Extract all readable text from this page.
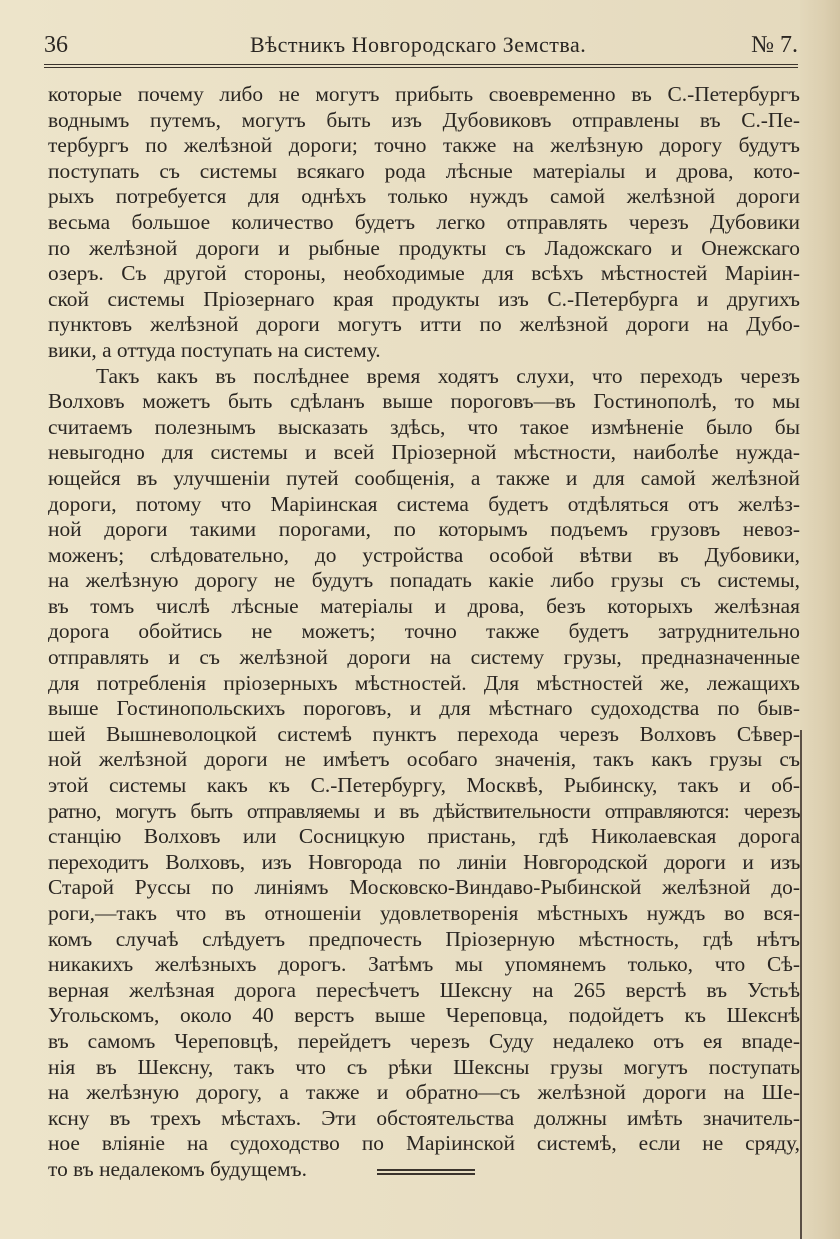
36	Вѣстникъ Новгородскаго Земства.	№ 7.
которые почему либо не могутъ прибыть своевременно въ С.-Петербургъ
воднымъ путемъ, могутъ быть изъ Дубовиковъ отправлены въ С.-Пе-
тербургъ по желѣзной дороги; точно также на желѣзную дорогу будутъ
поступать съ системы всякаго рода лѣсные матеріалы и дрова, кото-
рыхъ потребуется для однѣхъ только нуждъ самой желѣзной дороги
весьма большое количество будетъ легко отправлять черезъ Дубовики
по желѣзной дороги и рыбные продукты съ Ладожскаго и Онежскаго
озеръ. Съ другой стороны, необходимые для всѣхъ мѣстностей Маріин-
ской системы Пріозернаго края продукты изъ С.-Петербурга и другихъ
пунктовъ желѣзной дороги могутъ итти по желѣзной дороги на Дубо-
вики, а оттуда поступать на систему.
Такъ какъ въ послѣднее время ходятъ слухи, что переходъ черезъ
Волховъ можетъ быть сдѣланъ выше пороговъ—въ Гостинополѣ, то мы
считаемъ полезнымъ высказать здѣсь, что такое измѣненіе было бы
невыгодно для системы и всей Пріозерной мѣстности, наиболѣе нужда-
ющейся въ улучшеніи путей сообщенія, а также и для самой желѣзной
дороги, потому что Маріинская система будетъ отдѣляться отъ желѣз-
ной дороги такими порогами, по которымъ подъемъ грузовъ невоз-
моженъ; слѣдовательно, до устройства особой вѣтви въ Дубовики,
на желѣзную дорогу не будутъ попадать какіе либо грузы съ системы,
въ томъ числѣ лѣсные матеріалы и дрова, безъ которыхъ желѣзная
дорога обойтись не можетъ; точно также будетъ затруднительно
отправлять и съ желѣзной дороги на систему грузы, предназначенные
для потребленія пріозерныхъ мѣстностей. Для мѣстностей же, лежащихъ
выше Гостинопольскихъ пороговъ, и для мѣстнаго судоходства по быв-
шей Вышневолоцкой системѣ пунктъ перехода черезъ Волховъ Сѣвер-
ной желѣзной дороги не имѣетъ особаго значенія, такъ какъ грузы съ
этой системы какъ къ С.-Петербургу, Москвѣ, Рыбинску, такъ и об-
ратно, могутъ быть отправляемы и въ дѣйствительности отправляются: черезъ
станцію Волховъ или Сосницкую пристань, гдѣ Николаевская дорога
переходитъ Волховъ, изъ Новгорода по линіи Новгородской дороги и изъ
Старой Руссы по линіямъ Московско-Виндаво-Рыбинской желѣзной до-
роги,—такъ что въ отношеніи удовлетворенія мѣстныхъ нуждъ во вся-
комъ случаѣ слѣдуетъ предпочесть Пріозерную мѣстность, гдѣ нѣтъ
никакихъ желѣзныхъ дорогъ. Затѣмъ мы упомянемъ только, что Сѣ-
верная желѣзная дорога пересѣчетъ Шексну на 265 верстѣ въ Устьѣ
Угольскомъ, около 40 верстъ выше Череповца, подойдетъ къ Шекснѣ
въ самомъ Череповцѣ, перейдетъ черезъ Суду недалеко отъ ея впаде-
нія въ Шексну, такъ что съ рѣки Шексны грузы могутъ поступать
на желѣзную дорогу, а также и обратно—съ желѣзной дороги на Ше-
ксну въ трехъ мѣстахъ. Эти обстоятельства должны имѣть значитель-
ное вліяніе на судоходство по Маріинской системѣ, если не сряду,
то въ недалекомъ будущемъ.
